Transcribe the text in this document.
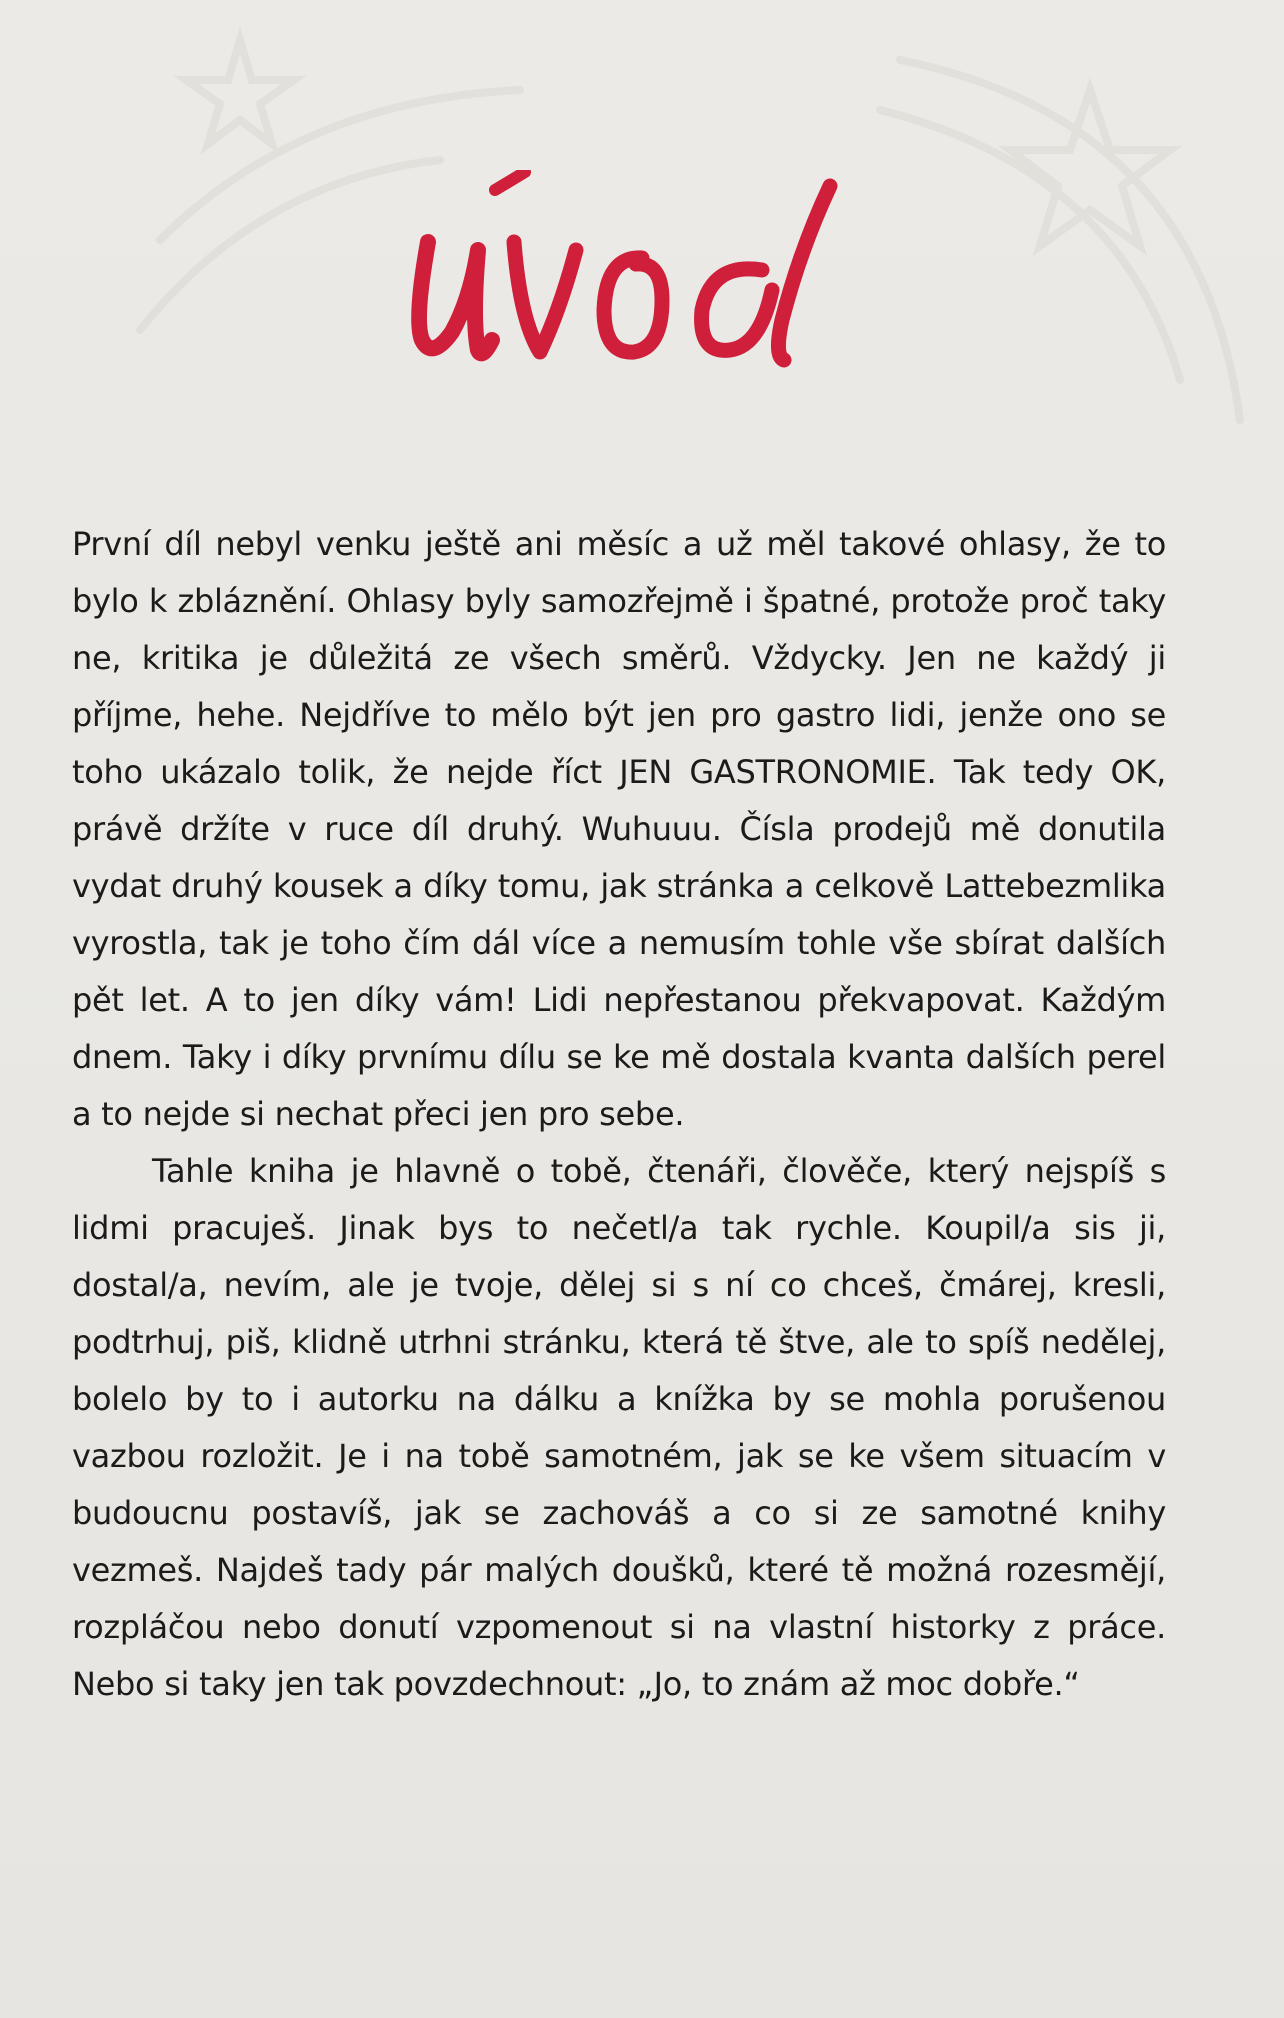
První díl nebyl venku ještě ani měsíc a už měl takové ohlasy, že to bylo k zbláznění. Ohlasy byly samozřejmě i špatné, protože proč taky ne, kritika je důležitá ze všech směrů. Vždycky. Jen ne každý ji příjme, hehe. Nejdříve to mělo být jen pro gastro lidi, jenže ono se toho ukázalo tolik, že nejde říct JEN GASTRONOMIE. Tak tedy OK, právě držíte v ruce díl druhý. Wuhuuu. Čísla prodejů mě donutila vydat druhý kousek a díky tomu, jak stránka a celkově Lattebezmlika vyrostla, tak je toho čím dál více a nemusím tohle vše sbírat dalších pět let. A to jen díky vám! Lidi nepřestanou překvapovat. Každým dnem. Taky i díky prvnímu dílu se ke mě dostala kvanta dalších perel a to nejde si nechat přeci jen pro sebe.

Tahle kniha je hlavně o tobě, čtenáři, člověče, který nejspíš s lidmi pracuješ. Jinak bys to nečetl/a tak rychle. Koupil/a sis ji, dostal/a, nevím, ale je tvoje, dělej si s ní co chceš, čmárej, kresli, podtrhuj, piš, klidně utrhni stránku, která tě štve, ale to spíš nedělej, bolelo by to i autorku na dálku a knížka by se mohla porušenou vazbou rozložit. Je i na tobě samotném, jak se ke všem situacím v budoucnu postavíš, jak se zachováš a co si ze samotné knihy vezmeš. Najdeš tady pár malých doušků, které tě možná rozesmějí, rozpláčou nebo donutí vzpomenout si na vlastní historky z práce. Nebo si taky jen tak povzdechnout: „Jo, to znám až moc dobře.“
